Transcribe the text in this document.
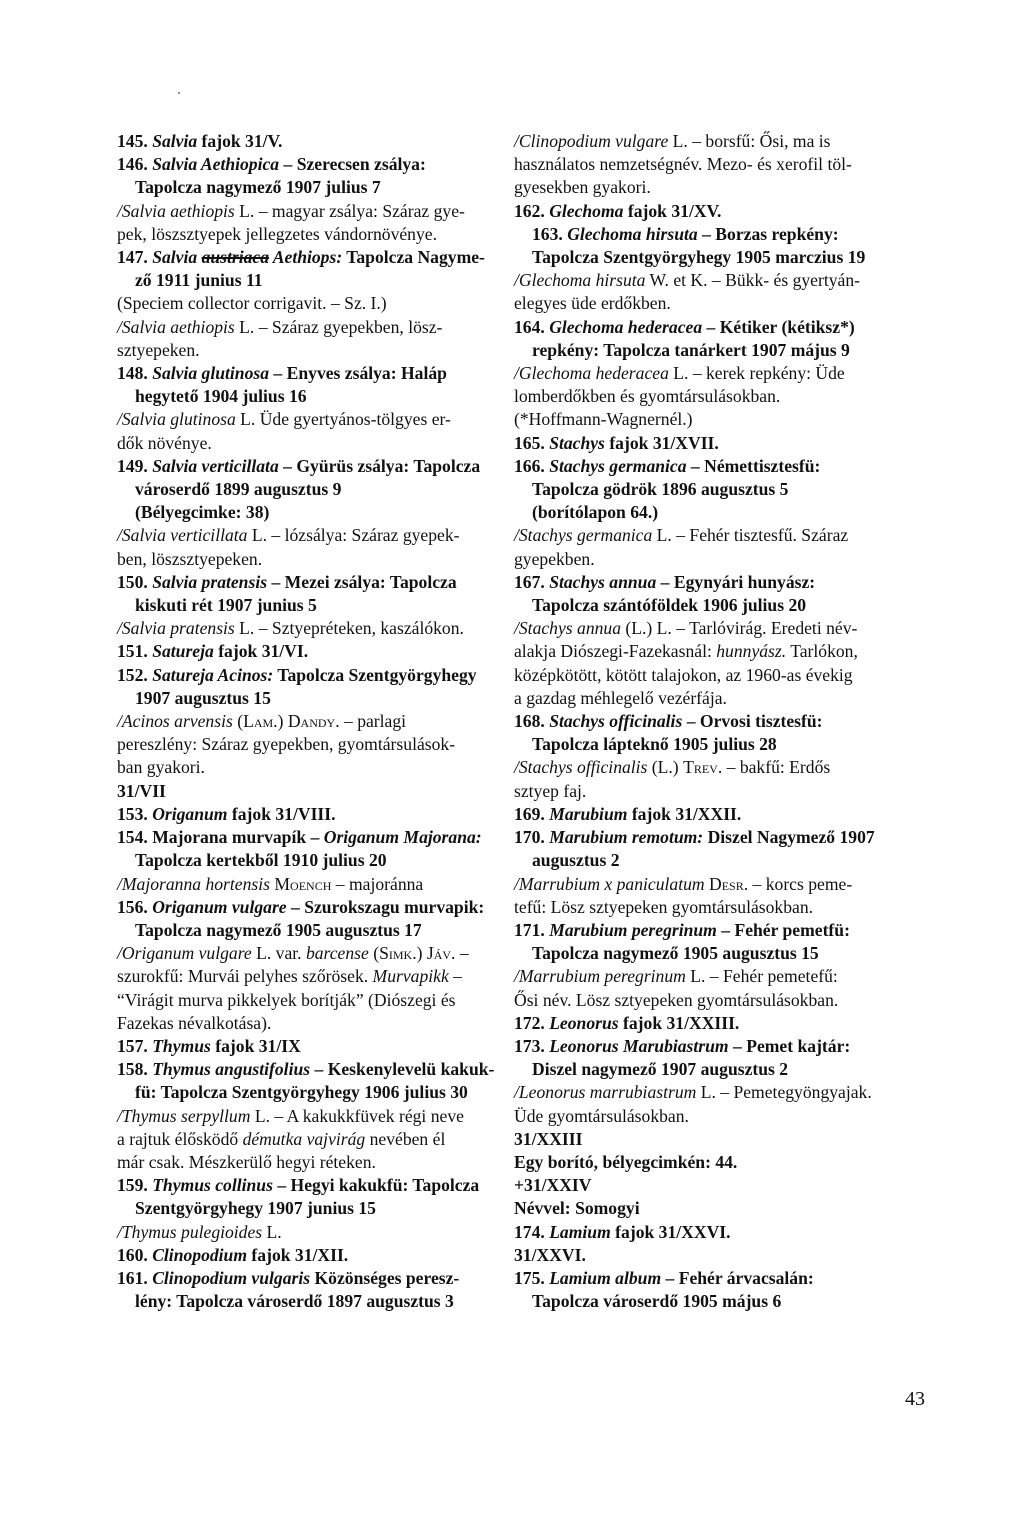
145. Salvia fajok 31/V.
146. Salvia Aethiopica – Szerecsen zsálya:
Tapolcza nagymező 1907 julius 7
/Salvia aethiopis L. – magyar zsálya: Száraz gye-
pek, löszsztyepek jellegzetes vándornövénye.
147. Salvia austriaca Aethiops: Tapolcza Nagyme-
ző 1911 junius 11
(Speciem collector corrigavit. – Sz. I.)
/Salvia aethiopis L. – Száraz gyepekben, lösz-
sztyepeken.
148. Salvia glutinosa – Enyves zsálya: Haláp
hegytető 1904 julius 16
/Salvia glutinosa L. Üde gyertyános-tölgyes er-
dők növénye.
149. Salvia verticillata – Gyürüs zsálya: Tapolcza
városerdő 1899 augusztus 9
(Bélyegcimke: 38)
/Salvia verticillata L. – lózsálya: Száraz gyepek-
ben, löszsztyepeken.
150. Salvia pratensis – Mezei zsálya: Tapolcza
kiskuti rét 1907 junius 5
/Salvia pratensis L. – Sztyepréteken, kaszálókon.
151. Satureja fajok 31/VI.
152. Satureja Acinos: Tapolcza Szentgyörgyhegy
1907 augusztus 15
/Acinos arvensis (Lam.) Dandy. – parlagi
pereszlény: Száraz gyepekben, gyomtársulások-
ban gyakori.
31/VII
153. Origanum fajok 31/VIII.
154. Majorana murvapík – Origanum Majorana:
Tapolcza kertekből 1910 julius 20
/Majoranna hortensis Moench – majoránna
156. Origanum vulgare – Szurokszagu murvapik:
Tapolcza nagymező 1905 augusztus 17
/Origanum vulgare L. var. barcense (Simk.) Jáv. –
szurokfű: Murvái pelyhes szőrösek. Murvapikk –
“Virágit murva pikkelyek borítják” (Diószegi és
Fazekas névalkotása).
157. Thymus fajok 31/IX
158. Thymus angustifolius – Keskenylevelü kakuk-
fü: Tapolcza Szentgyörgyhegy 1906 julius 30
/Thymus serpyllum L. – A kakukkfüvek régi neve
a rajtuk élősködő démutka vajvirág nevében él
már csak. Mészkerülő hegyi réteken.
159. Thymus collinus – Hegyi kakukfü: Tapolcza
Szentgyörgyhegy 1907 junius 15
/Thymus pulegioides L.
160. Clinopodium fajok 31/XII.
161. Clinopodium vulgaris Közönséges peresz-
lény: Tapolcza városerdő 1897 augusztus 3
/Clinopodium vulgare L. – borsfű: Ősi, ma is
használatos nemzetségnév. Mezo- és xerofil töl-
gyesekben gyakori.
162. Glechoma fajok 31/XV.
163. Glechoma hirsuta – Borzas repkény:
Tapolcza Szentgyörgyhegy 1905 marczius 19
/Glechoma hirsuta W. et K. – Bükk- és gyertyán-
elegyes üde erdőkben.
164. Glechoma hederacea – Kétiker (kétiksz*)
repkény: Tapolcza tanárkert 1907 május 9
/Glechoma hederacea L. – kerek repkény: Üde
lomberdőkben és gyomtársulásokban.
(*Hoffmann-Wagnernél.)
165. Stachys fajok 31/XVII.
166. Stachys germanica – Némettisztesfü:
Tapolcza gödrök 1896 augusztus 5
(borítólapon 64.)
/Stachys germanica L. – Fehér tisztesfű. Száraz
gyepekben.
167. Stachys annua – Egynyári hunyász:
Tapolcza szántóföldek 1906 julius 20
/Stachys annua (L.) L. – Tarlóvirág. Eredeti név-
alakja Diószegi-Fazekasnál: hunnyász. Tarlókon,
középkötött, kötött talajokon, az 1960-as évekig
a gazdag méhlegelő vezérfája.
168. Stachys officinalis – Orvosi tisztesfü:
Tapolcza lápteknő 1905 julius 28
/Stachys officinalis (L.) Trev. – bakfű: Erdős
sztyep faj.
169. Marubium fajok 31/XXII.
170. Marubium remotum: Diszel Nagymező 1907
augusztus 2
/Marrubium x paniculatum Desr. – korcs peme-
tefű: Lösz sztyepeken gyomtársulásokban.
171. Marubium peregrinum – Fehér pemetfü:
Tapolcza nagymező 1905 augusztus 15
/Marrubium peregrinum L. – Fehér pemetefű:
Ősi név. Lösz sztyepeken gyomtársulásokban.
172. Leonorus fajok 31/XXIII.
173. Leonorus Marubiastrum – Pemet kajtár:
Diszel nagymező 1907 augusztus 2
/Leonorus marrubiastrum L. – Pemetegyöngyajak.
Üde gyomtársulásokban.
31/XXIII
Egy borító, bélyegcimkén: 44.
+31/XXIV
Névvel: Somogyi
174. Lamium fajok 31/XXVI.
31/XXVI.
175. Lamium album – Fehér árvacsalán:
Tapolcza városerdő 1905 május 6
43
